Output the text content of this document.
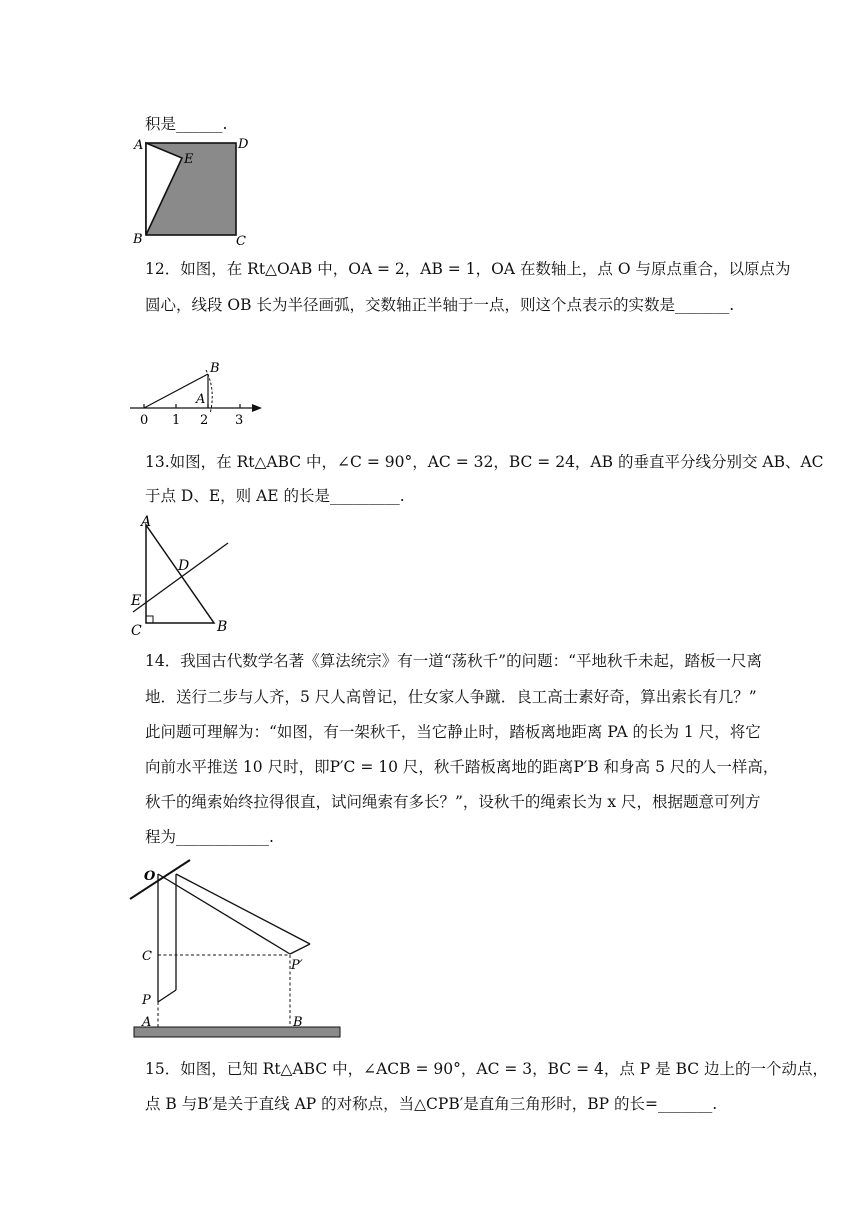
积是______.
A	D
E
B	C
12．如图，在 Rt△OAB 中，OA = 2，AB = 1，OA 在数轴上，点 O 与原点重合，以原点为
圆心，线段 OB 长为半径画弧，交数轴正半轴于一点，则这个点表示的实数是_______.
B
A
0 1 2 3
13.如图，在 Rt△ABC 中，∠C = 90°，AC = 32，BC = 24，AB 的垂直平分线分别交 AB、AC
于点 D、E，则 AE 的长是_________.
A
D
E
C	B
14．我国古代数学名著《算法统宗》有一道“荡秋千”的问题：“平地秋千未起，踏板一尺离
地．送行二步与人齐，5 尺人高曾记，仕女家人争蹴．良工高士素好奇，算出索长有几？”
此问题可理解为：“如图，有一架秋千，当它静止时，踏板离地距离 PA 的长为 1 尺，将它
向前水平推送 10 尺时，即P′C = 10 尺，秋千踏板离地的距离P′B 和身高 5 尺的人一样高，
秋千的绳索始终拉得很直，试问绳索有多长？”，设秋千的绳索长为 x 尺，根据题意可列方
程为____________.
O
C
P
A
P′
B
15．如图，已知 Rt△ABC 中，∠ACB = 90°，AC = 3，BC = 4，点 P 是 BC 边上的一个动点，
点 B 与B′是关于直线 AP 的对称点，当△CPB′是直角三角形时，BP 的长=_______.
